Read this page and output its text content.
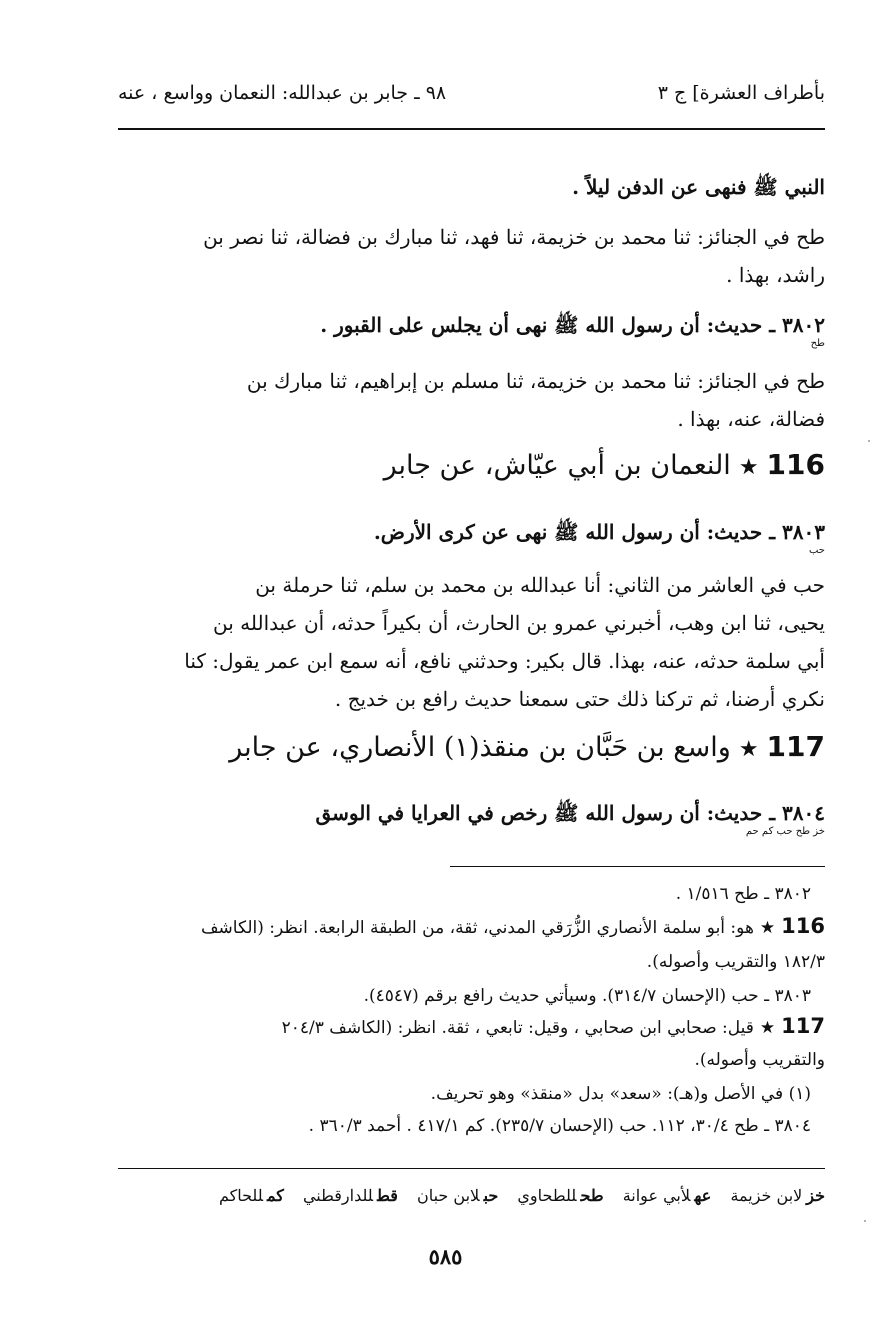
بأطراف العشرة] ج ٣
٩٨ ـ جابر بن عبدالله: النعمان وواسع ، عنه
النبي ﷺ فنهى عن الدفن ليلاً .
طح في الجنائز: ثنا محمد بن خزيمة، ثنا فهد، ثنا مبارك بن فضالة، ثنا نصر بن
راشد، بهذا .
٣٨٠٢ ـ حديث: أن رسول الله ﷺ نهى أن يجلس على القبور .
طح
طح في الجنائز: ثنا محمد بن خزيمة، ثنا مسلم بن إبراهيم، ثنا مبارك بن
فضالة، عنه، بهذا .
116★النعمان بن أبي عيّاش، عن جابر
٣٨٠٣ ـ حديث: أن رسول الله ﷺ نهى عن كرى الأرض.
حب
حب في العاشر من الثاني: أنا عبدالله بن محمد بن سلم، ثنا حرملة بن
يحيى، ثنا ابن وهب، أخبرني عمرو بن الحارث، أن بكيراً حدثه، أن عبدالله بن
أبي سلمة حدثه، عنه، بهذا. قال بكير: وحدثني نافع، أنه سمع ابن عمر يقول: كنا
نكري أرضنا، ثم تركنا ذلك حتى سمعنا حديث رافع بن خديج .
117★واسع بن حَبَّان بن منقذ(١) الأنصاري، عن جابر
٣٨٠٤ ـ حديث: أن رسول الله ﷺ رخص في العرايا في الوسق
خز طح حب كم حم
٣٨٠٢ ـ طح ١/٥١٦ .
116★هو: أبو سلمة الأنصاري الزُّرَقي المدني، ثقة، من الطبقة الرابعة. انظر: (الكاشف
١٨٢/٣ والتقريب وأصوله).
٣٨٠٣ ـ حب (الإحسان ٣١٤/٧). وسيأتي حديث رافع برقم (٤٥٤٧).
117★قيل: صحابي ابن صحابي ، وقيل: تابعي ، ثقة. انظر: (الكاشف ٢٠٤/٣
والتقريب وأصوله).
(١) في الأصل و(هـ): «سعد» بدل «منقذ» وهو تحريف.
٣٨٠٤ ـ طح ٣٠/٤، ١١٢. حب (الإحسان ٢٣٥/٧). كم ٤١٧/١ . أحمد ٣٦٠/٣ .
خزلابن خزيمة عهلأبي عوانة طحللطحاوي حبلابن حبان قطللدارقطني كمللحاكم
٥٨٥
